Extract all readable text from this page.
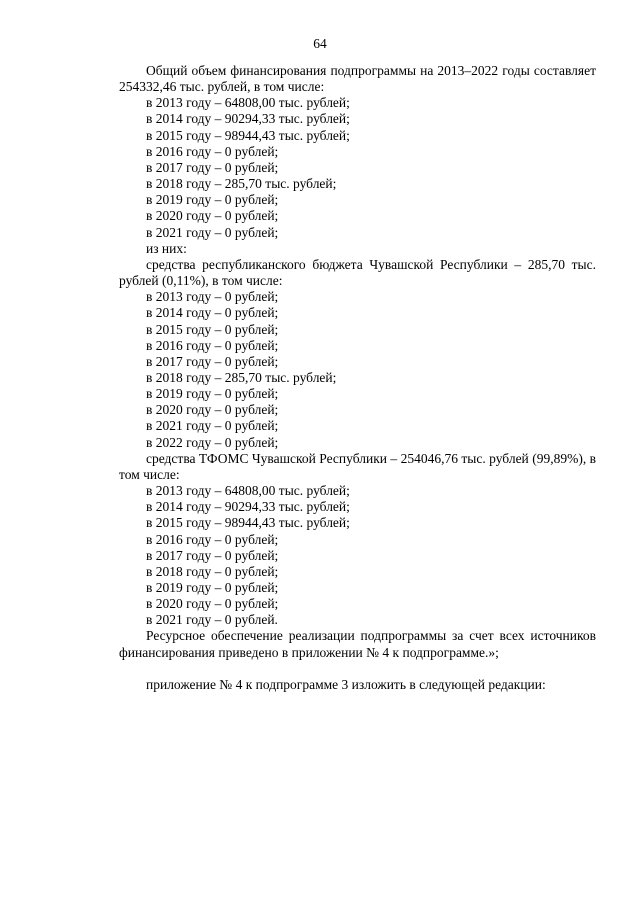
64

Общий объем финансирования подпрограммы на 2013–2022 годы составляет 254332,46 тыс. рублей, в том числе:

в 2013 году – 64808,00 тыс. рублей;

в 2014 году – 90294,33 тыс. рублей;

в 2015 году – 98944,43 тыс. рублей;

в 2016 году – 0 рублей;

в 2017 году – 0 рублей;

в 2018 году – 285,70 тыс. рублей;

в 2019 году – 0 рублей;

в 2020 году – 0 рублей;

в 2021 году – 0 рублей;

из них:

средства республиканского бюджета Чувашской Республики – 285,70 тыс. рублей (0,11%), в том числе:

в 2013 году – 0 рублей;

в 2014 году – 0 рублей;

в 2015 году – 0 рублей;

в 2016 году – 0 рублей;

в 2017 году – 0 рублей;

в 2018 году – 285,70 тыс. рублей;

в 2019 году – 0 рублей;

в 2020 году – 0 рублей;

в 2021 году – 0 рублей;

в 2022 году – 0 рублей;

средства ТФОМС Чувашской Республики – 254046,76 тыс. рублей (99,89%), в том числе:

в 2013 году – 64808,00 тыс. рублей;

в 2014 году – 90294,33 тыс. рублей;

в 2015 году – 98944,43 тыс. рублей;

в 2016 году – 0 рублей;

в 2017 году – 0 рублей;

в 2018 году – 0 рублей;

в 2019 году – 0 рублей;

в 2020 году – 0 рублей;

в 2021 году – 0 рублей.

Ресурсное обеспечение реализации подпрограммы за счет всех источников финансирования приведено в приложении № 4 к подпрограмме.»;

приложение № 4 к подпрограмме 3 изложить в следующей редакции:
